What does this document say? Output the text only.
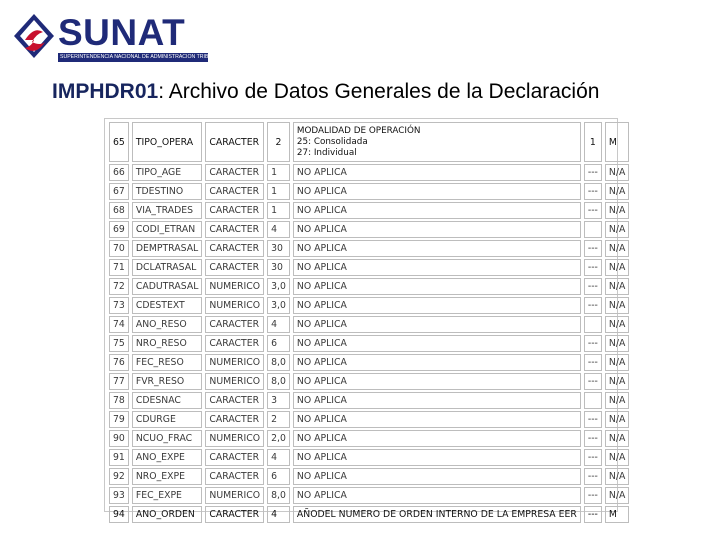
SUNAT
SUPERINTENDENCIA NACIONAL DE ADMINISTRACION TRIBUTARIA
IMPHDR01: Archivo de Datos Generales de la Declaración
65	TIPO_OPERA	CARACTER	2	MODALIDAD DE OPERACIÓN
25: Consolidada
27: Individual	1	M
66	TIPO_AGE	CARACTER	1	NO APLICA	---	N/A
67	TDESTINO	CARACTER	1	NO APLICA	---	N/A
68	VIA_TRADES	CARACTER	1	NO APLICA	---	N/A
69	CODI_ETRAN	CARACTER	4	NO APLICA		N/A
70	DEMPTRASAL	CARACTER	30	NO APLICA	---	N/A
71	DCLATRASAL	CARACTER	30	NO APLICA	---	N/A
72	CADUTRASAL	NUMERICO	3,0	NO APLICA	---	N/A
73	CDESTEXT	NUMERICO	3,0	NO APLICA	---	N/A
74	ANO_RESO	CARACTER	4	NO APLICA		N/A
75	NRO_RESO	CARACTER	6	NO APLICA	---	N/A
76	FEC_RESO	NUMERICO	8,0	NO APLICA	---	N/A
77	FVR_RESO	NUMERICO	8,0	NO APLICA	---	N/A
78	CDESNAC	CARACTER	3	NO APLICA		N/A
79	CDURGE	CARACTER	2	NO APLICA	---	N/A
90	NCUO_FRAC	NUMERICO	2,0	NO APLICA	---	N/A
91	ANO_EXPE	CARACTER	4	NO APLICA	---	N/A
92	NRO_EXPE	CARACTER	6	NO APLICA	---	N/A
93	FEC_EXPE	NUMERICO	8,0	NO APLICA	---	N/A
94	ANO_ORDEN	CARACTER	4	AÑODEL NUMERO DE ORDEN INTERNO DE LA EMPRESA EER	---	M
